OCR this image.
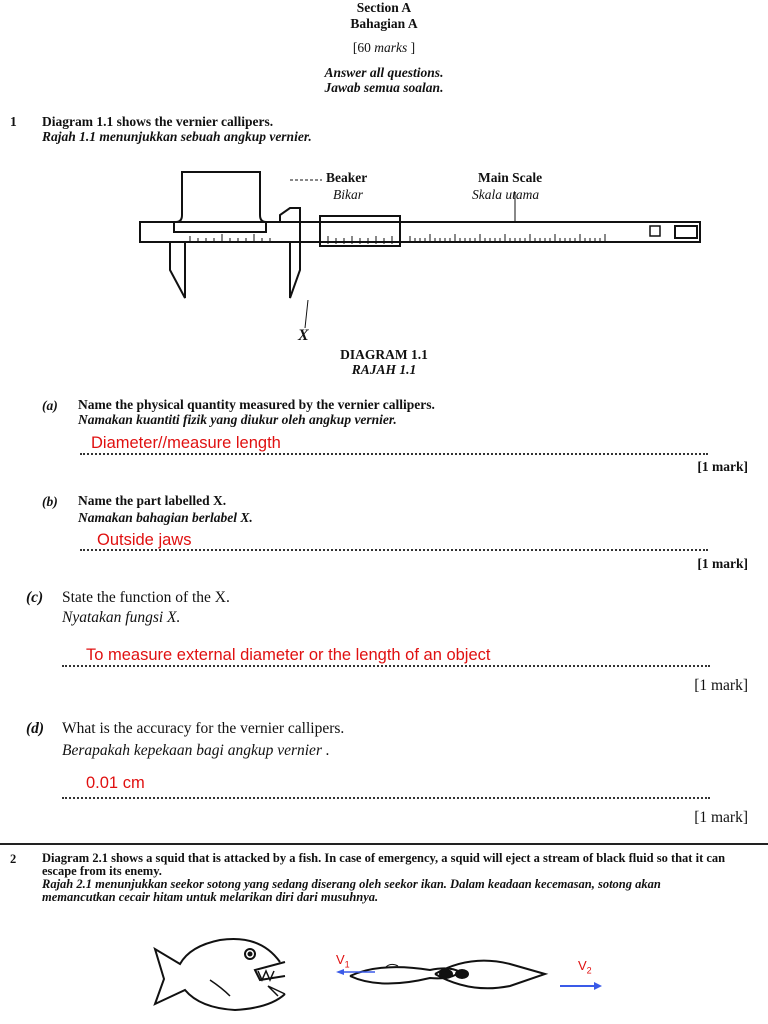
Section A
Bahagian A
[60 marks ]
Answer all questions.
Jawab semua soalan.
1 Diagram 1.1 shows the vernier callipers.
Rajah 1.1 menunjukkan sebuah angkup vernier.
Beaker
Bikar
Main Scale
Skala utama
X
DIAGRAM 1.1
RAJAH 1.1
(a) Name the physical quantity measured by the vernier callipers.
Namakan kuantiti fizik yang diukur oleh angkup vernier.
Diameter//measure length
[1 mark]
(b) Name the part labelled X.
Namakan bahagian berlabel X.
Outside jaws
[1 mark]
(c) State the function of the X.
Nyatakan fungsi X.
To measure external diameter or the length of an object
[1 mark]
(d) What is the accuracy for the vernier callipers.
Berapakah kepekaan bagi angkup vernier .
0.01 cm
[1 mark]
2 Diagram 2.1 shows a squid that is attacked by a fish. In case of emergency, a squid will eject a stream of black fluid so that it can escape from its enemy.
Rajah 2.1 menunjukkan seekor sotong yang sedang diserang oleh seekor ikan. Dalam keadaan kecemasan, sotong akan memancutkan cecair hitam untuk melarikan diri dari musuhnya.
$V_1$	$V_2$
